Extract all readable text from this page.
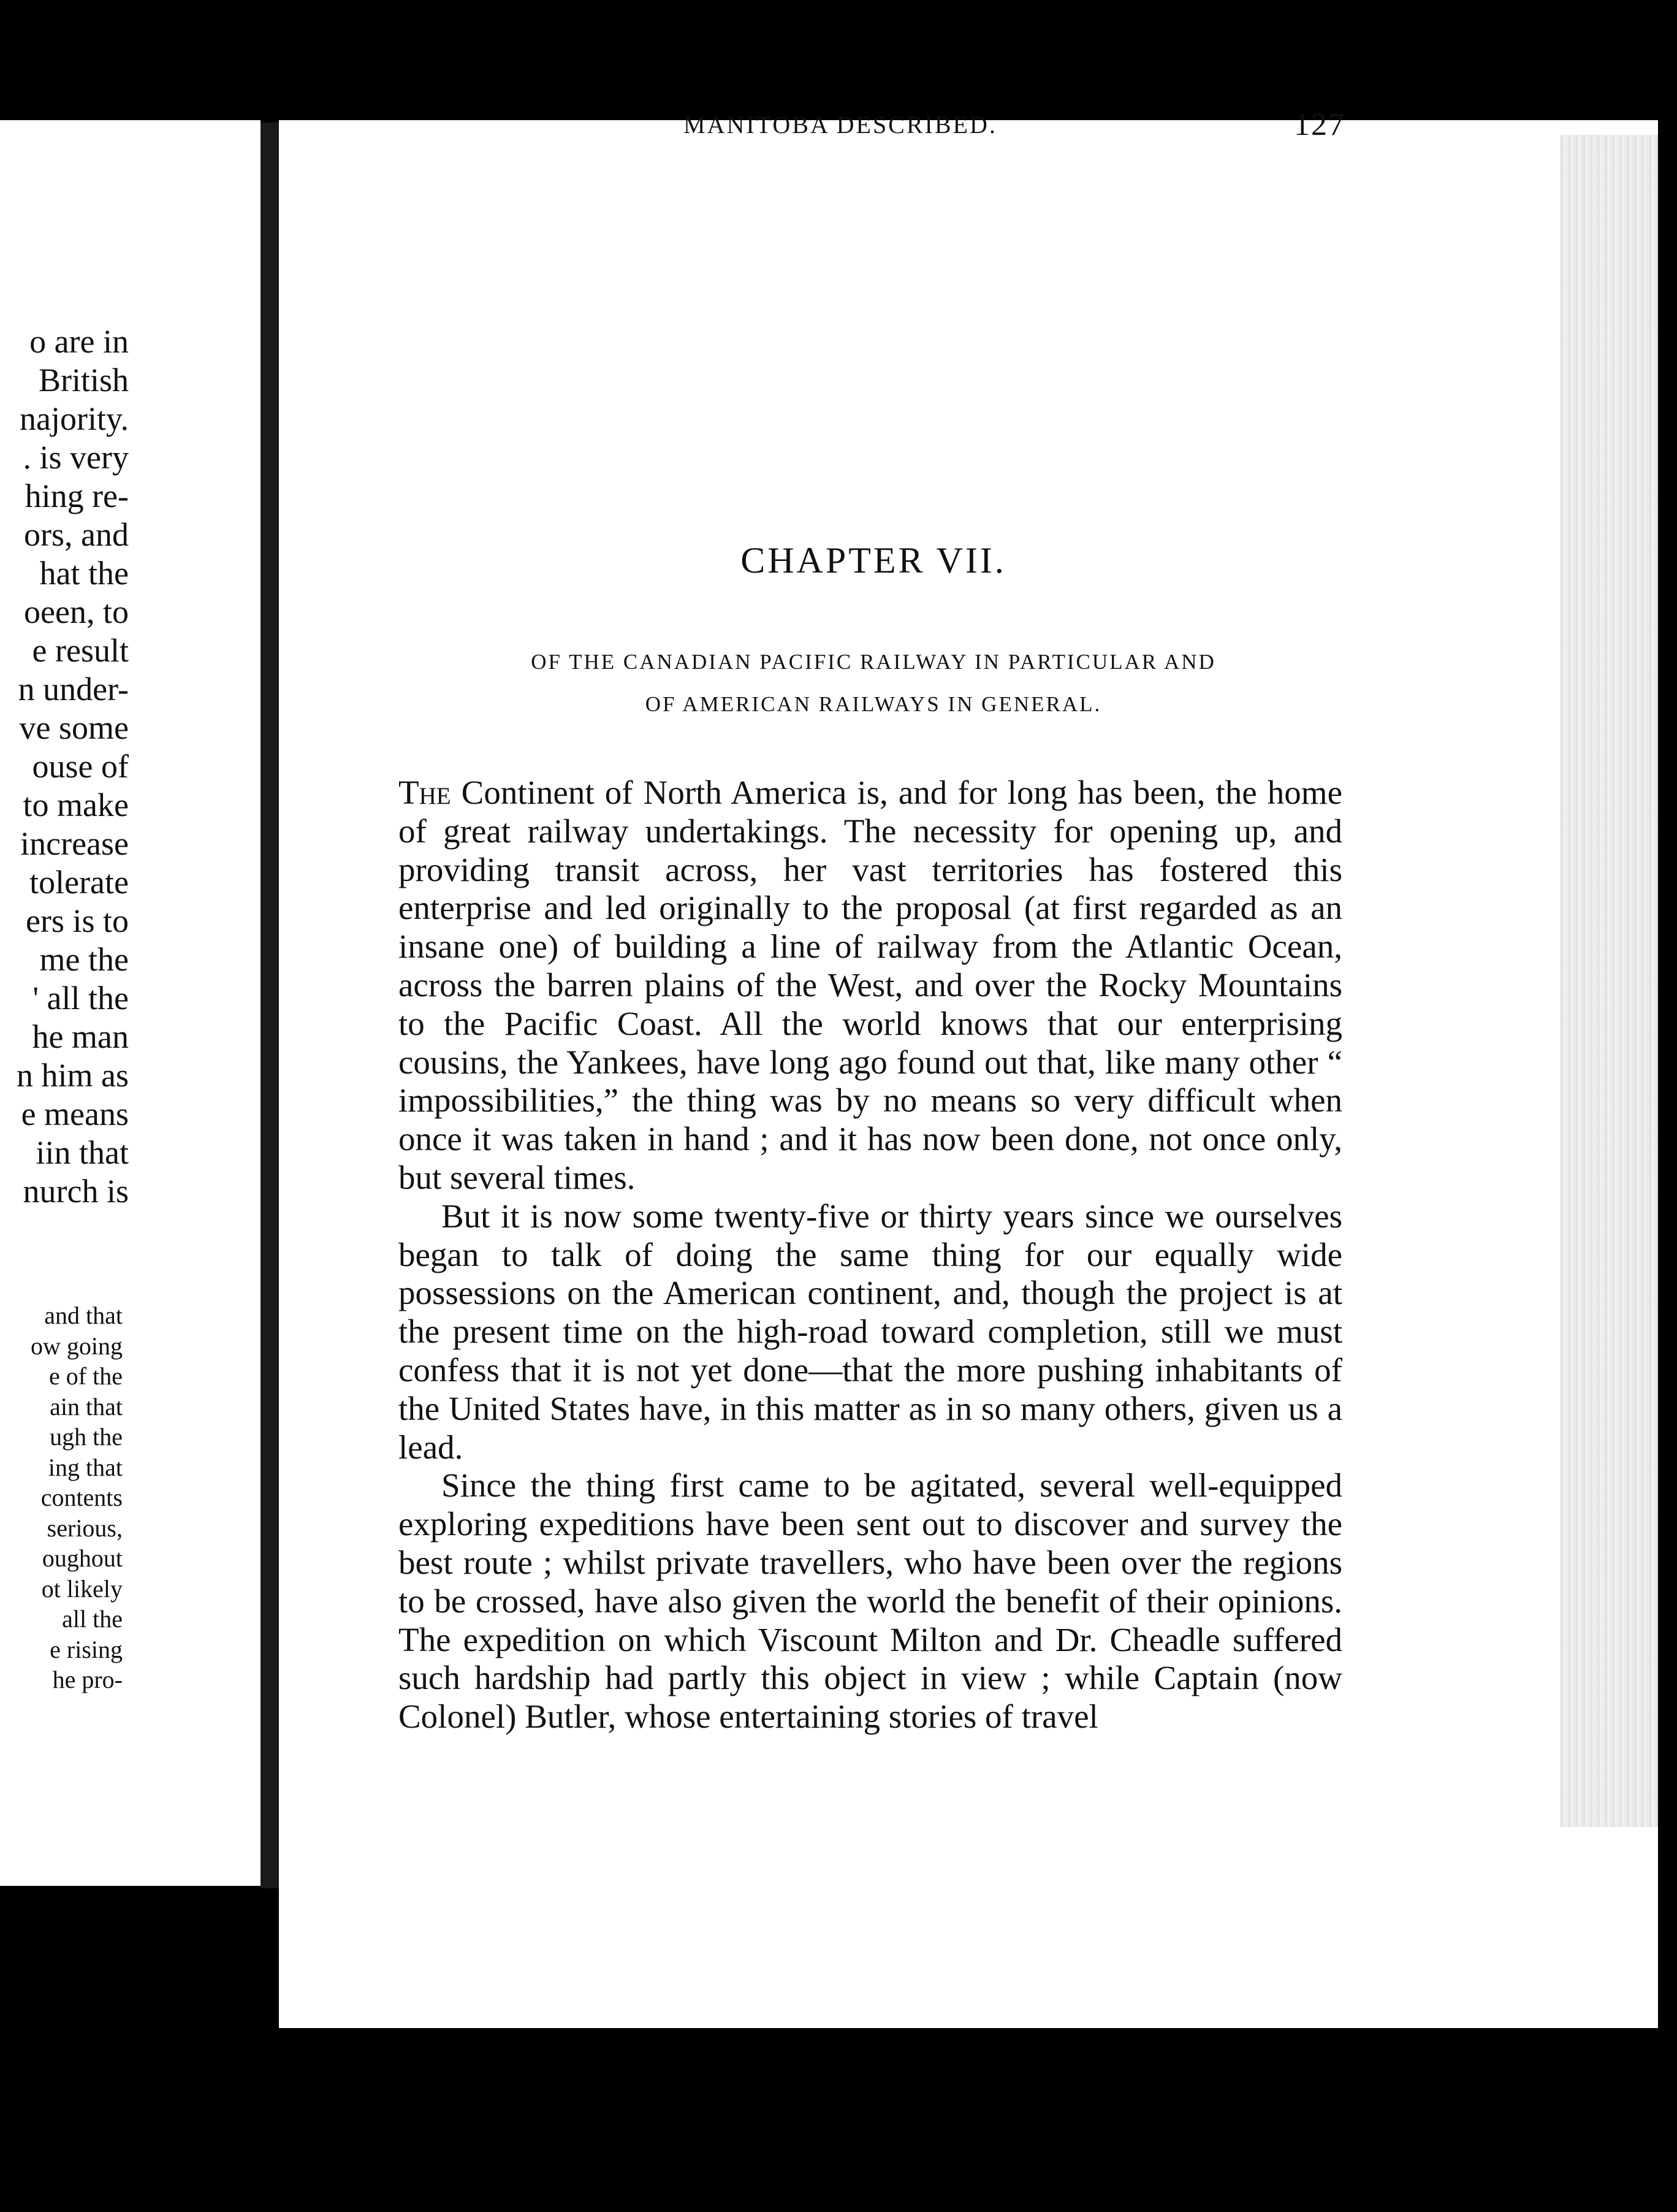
o are in
British
najority.
. is very
hing re-
ors, and
hat the
oeen, to
e result
n under-
ve some
ouse of
to make
increase
tolerate
ers is to
me the
' all the
he man
n him as
e means
iin that
nurch is
and that
ow going
e of the
ain that
ugh the
ing that
contents
serious,
oughout
ot likely
all the
e rising
he pro-
MANITOBA DESCRIBED.	127
CHAPTER VII.
OF THE CANADIAN PACIFIC RAILWAY IN PARTICULAR AND
OF AMERICAN RAILWAYS IN GENERAL.

The Continent of North America is, and for long has been, the home of great railway undertakings. The necessity for opening up, and providing transit across, her vast territories has fostered this enterprise and led originally to the proposal (at first regarded as an insane one) of building a line of railway from the Atlantic Ocean, across the barren plains of the West, and over the Rocky Mountains to the Pacific Coast. All the world knows that our enterprising cousins, the Yankees, have long ago found out that, like many other “ impossibilities,” the thing was by no means so very difficult when once it was taken in hand ; and it has now been done, not once only, but several times.

But it is now some twenty-five or thirty years since we ourselves began to talk of doing the same thing for our equally wide possessions on the American continent, and, though the project is at the present time on the high-road toward completion, still we must confess that it is not yet done—that the more pushing inhabitants of the United States have, in this matter as in so many others, given us a lead.

Since the thing first came to be agitated, several well-equipped exploring expeditions have been sent out to discover and survey the best route ; whilst private travellers, who have been over the regions to be crossed, have also given the world the benefit of their opinions. The expedition on which Viscount Milton and Dr. Cheadle suffered such hardship had partly this object in view ; while Captain (now Colonel) Butler, whose entertaining stories of travel
